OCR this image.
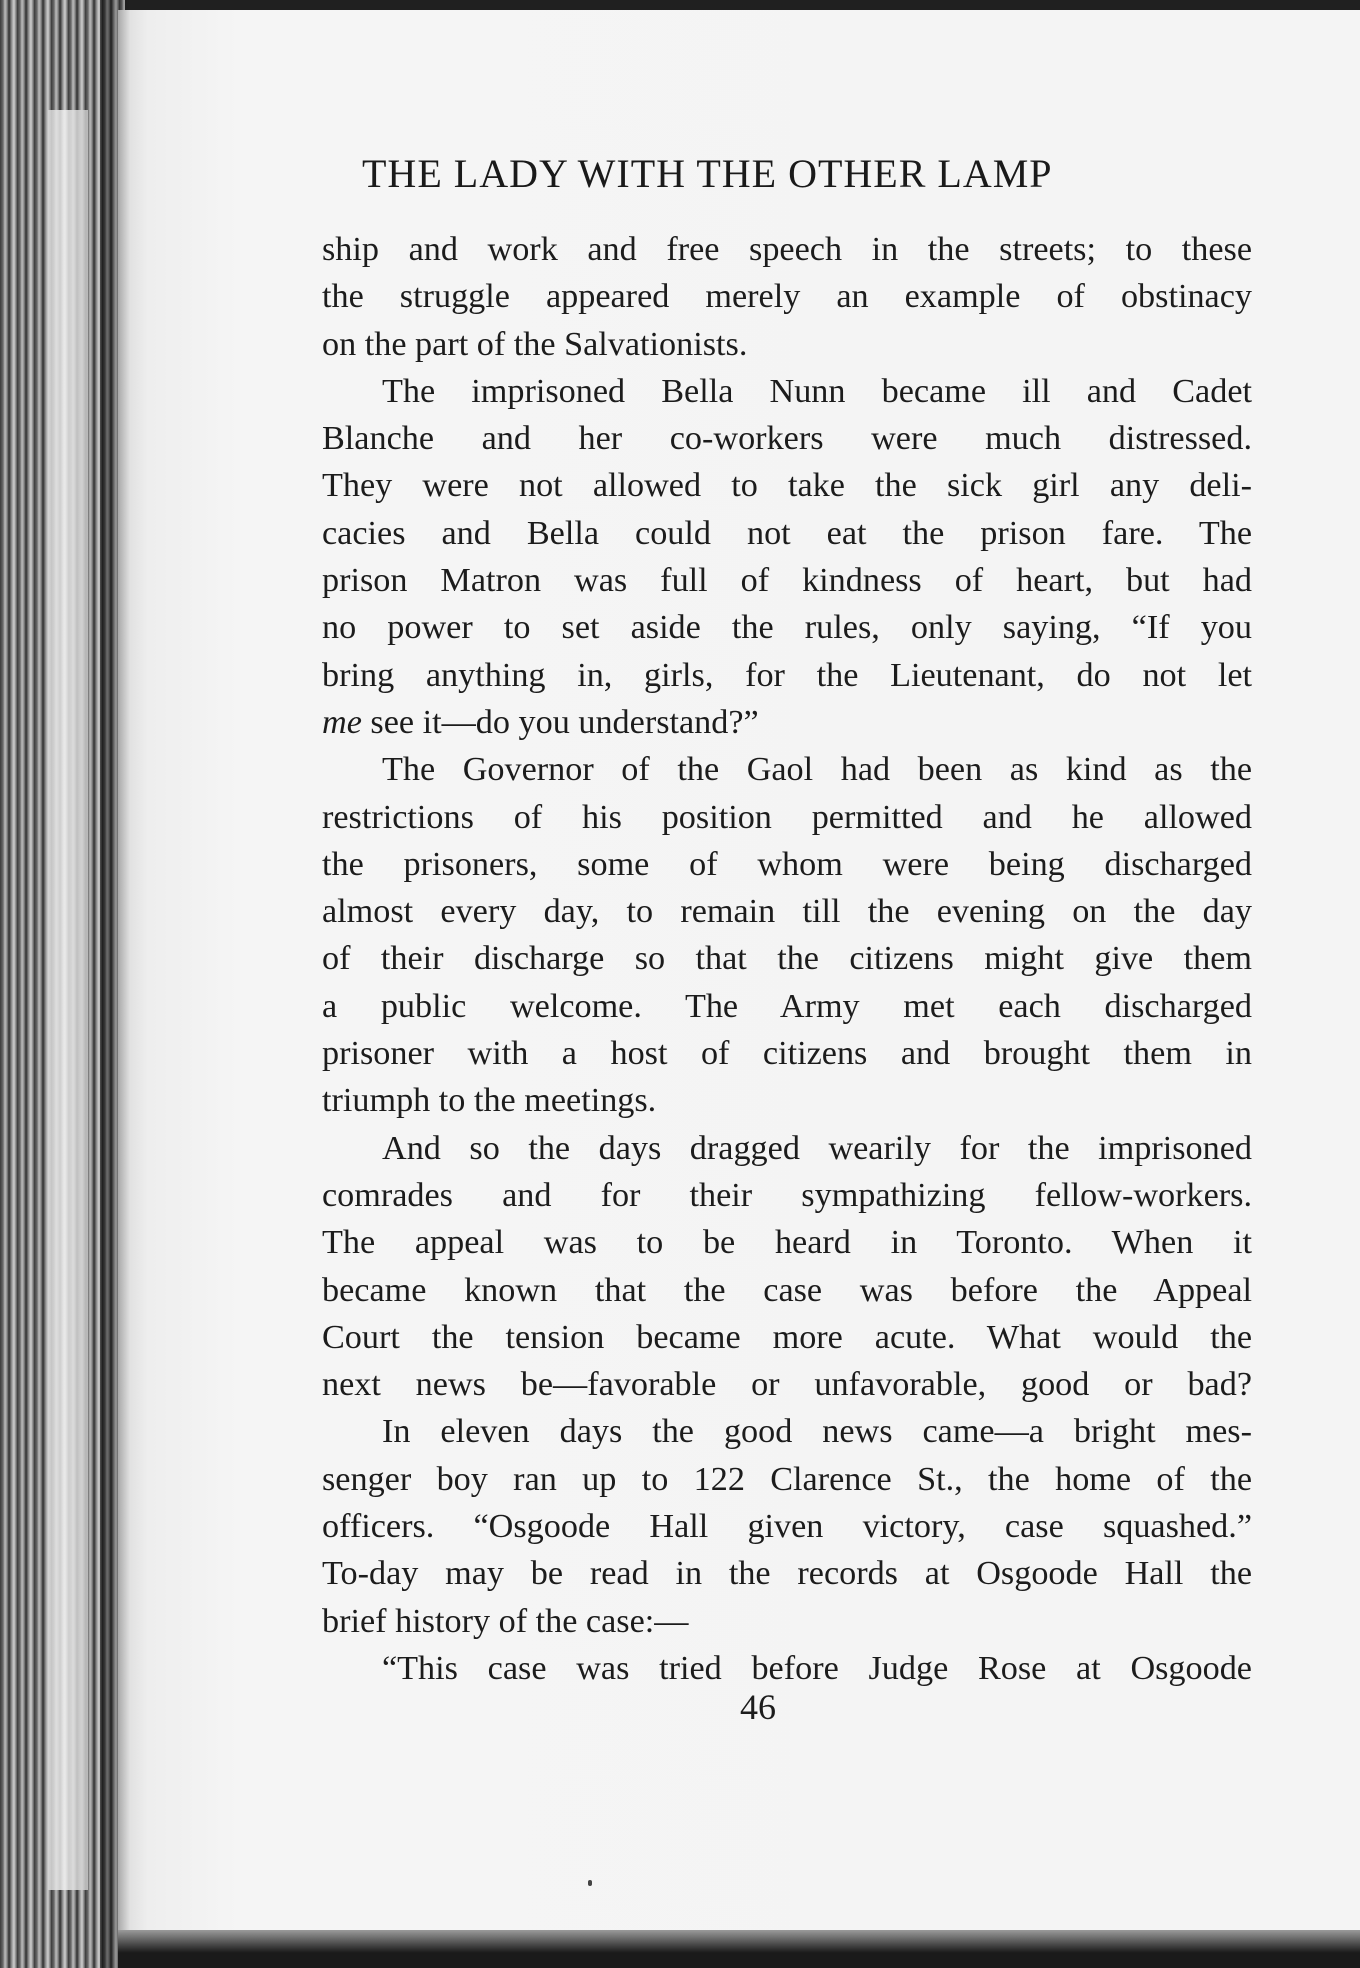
THE LADY WITH THE OTHER LAMP
ship and work and free speech in the streets; to these
the struggle appeared merely an example of obstinacy
on the part of the Salvationists.
The imprisoned Bella Nunn became ill and Cadet
Blanche and her co-workers were much distressed.
They were not allowed to take the sick girl any deli-
cacies and Bella could not eat the prison fare. The
prison Matron was full of kindness of heart, but had
no power to set aside the rules, only saying, “If you
bring anything in, girls, for the Lieutenant, do not let
me see it—do you understand?”
The Governor of the Gaol had been as kind as the
restrictions of his position permitted and he allowed
the prisoners, some of whom were being discharged
almost every day, to remain till the evening on the day
of their discharge so that the citizens might give them
a public welcome. The Army met each discharged
prisoner with a host of citizens and brought them in
triumph to the meetings.
And so the days dragged wearily for the imprisoned
comrades and for their sympathizing fellow-workers.
The appeal was to be heard in Toronto. When it
became known that the case was before the Appeal
Court the tension became more acute. What would the
next news be—favorable or unfavorable, good or bad?
In eleven days the good news came—a bright mes-
senger boy ran up to 122 Clarence St., the home of the
officers. “Osgoode Hall given victory, case squashed.”
To-day may be read in the records at Osgoode Hall the
brief history of the case:—
“This case was tried before Judge Rose at Osgoode
46
